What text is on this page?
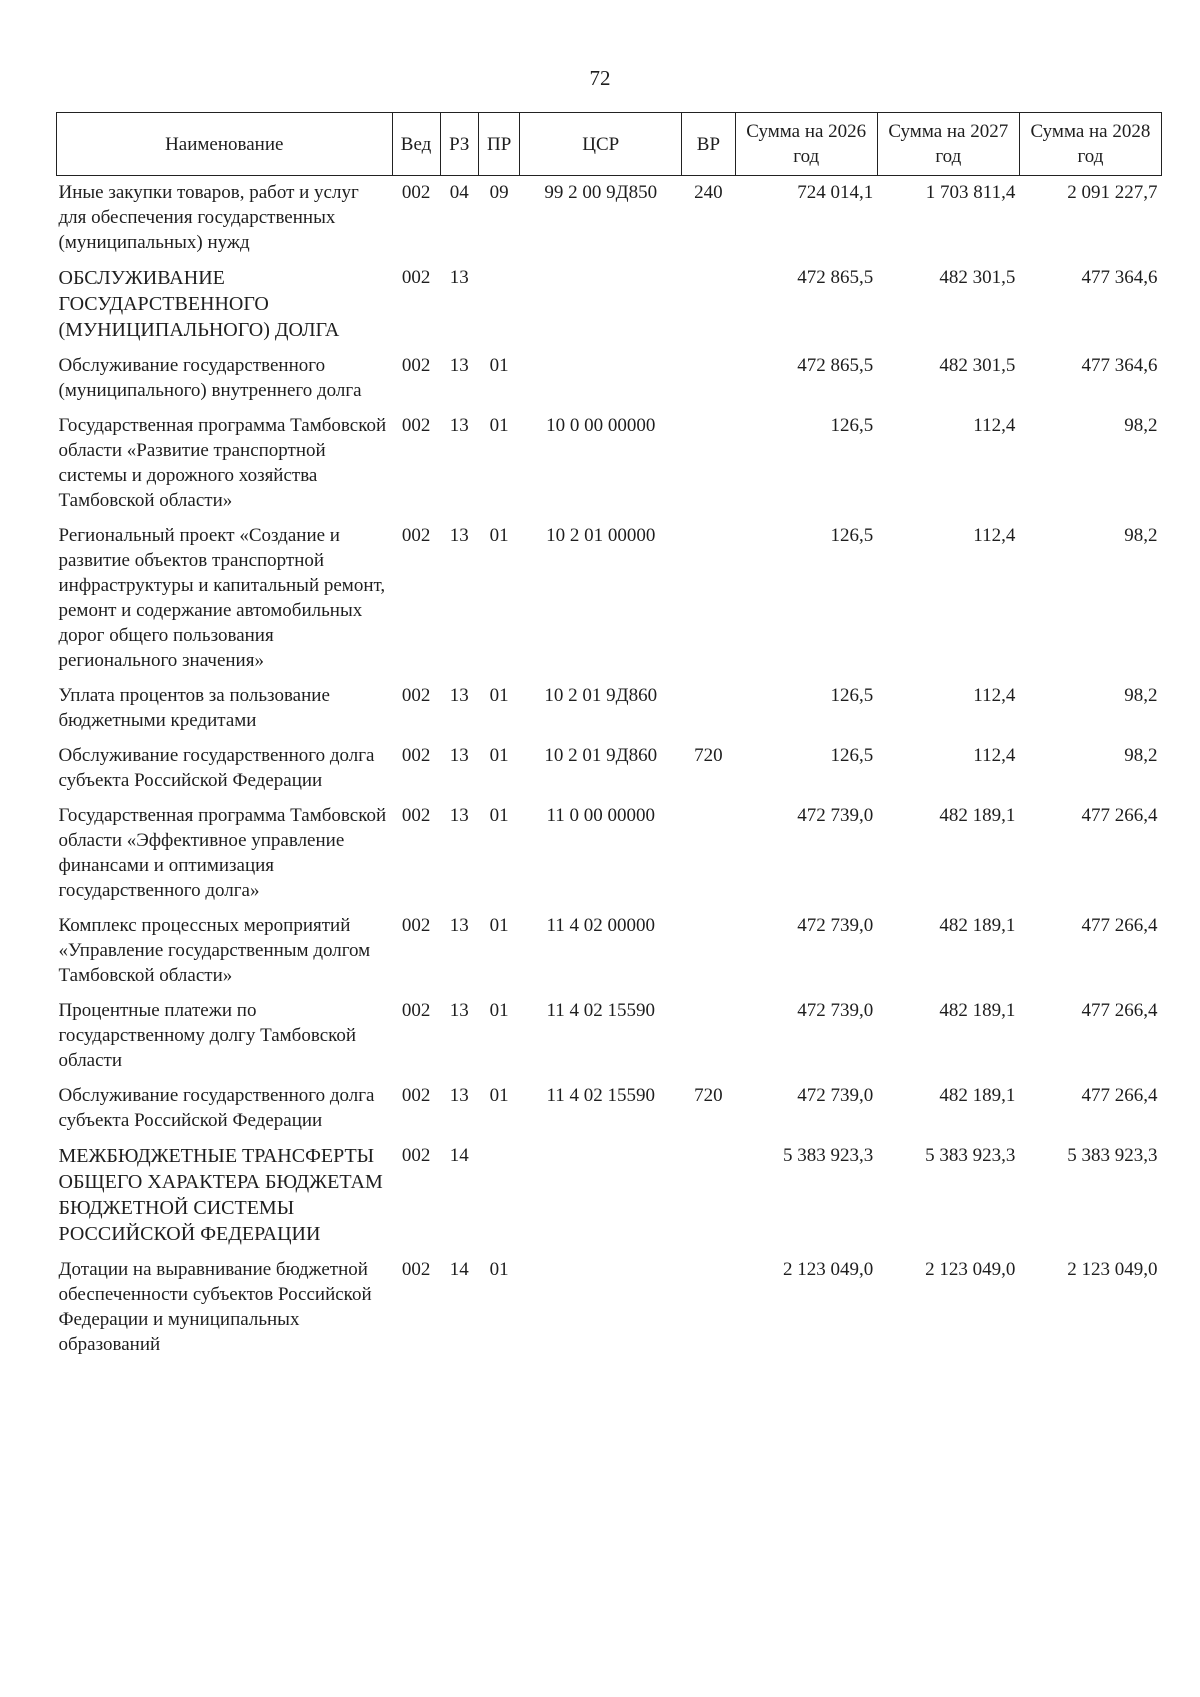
72
Наименование	Вед	РЗ	ПР	ЦСР	ВР	Сумма на 2026 год	Сумма на 2027 год	Сумма на 2028 год
Иные закупки товаров, работ и услуг для обеспечения государственных (муниципальных) нужд	002	04	09	99 2 00 9Д850	240	724 014,1	1 703 811,4	2 091 227,7
ОБСЛУЖИВАНИЕ ГОСУДАРСТВЕННОГО (МУНИЦИПАЛЬНОГО) ДОЛГА	002	13				472 865,5	482 301,5	477 364,6
Обслуживание государственного (муниципального) внутреннего долга	002	13	01			472 865,5	482 301,5	477 364,6
Государственная программа Тамбовской области «Развитие транспортной системы и дорожного хозяйства Тамбовской области»	002	13	01	10 0 00 00000		126,5	112,4	98,2
Региональный проект «Создание и развитие объектов транспортной инфраструктуры и капитальный ремонт, ремонт и содержание автомобильных дорог общего пользования регионального значения»	002	13	01	10 2 01 00000		126,5	112,4	98,2
Уплата процентов за пользование бюджетными кредитами	002	13	01	10 2 01 9Д860		126,5	112,4	98,2
Обслуживание государственного долга субъекта Российской Федерации	002	13	01	10 2 01 9Д860	720	126,5	112,4	98,2
Государственная программа Тамбовской области «Эффективное управление финансами и оптимизация государственного долга»	002	13	01	11 0 00 00000		472 739,0	482 189,1	477 266,4
Комплекс процессных мероприятий «Управление государственным долгом Тамбовской области»	002	13	01	11 4 02 00000		472 739,0	482 189,1	477 266,4
Процентные платежи по государственному долгу Тамбовской области	002	13	01	11 4 02 15590		472 739,0	482 189,1	477 266,4
Обслуживание государственного долга субъекта Российской Федерации	002	13	01	11 4 02 15590	720	472 739,0	482 189,1	477 266,4
МЕЖБЮДЖЕТНЫЕ ТРАНСФЕРТЫ ОБЩЕГО ХАРАКТЕРА БЮДЖЕТАМ БЮДЖЕТНОЙ СИСТЕМЫ РОССИЙСКОЙ ФЕДЕРАЦИИ	002	14				5 383 923,3	5 383 923,3	5 383 923,3
Дотации на выравнивание бюджетной обеспеченности субъектов Российской Федерации и муниципальных образований	002	14	01			2 123 049,0	2 123 049,0	2 123 049,0
